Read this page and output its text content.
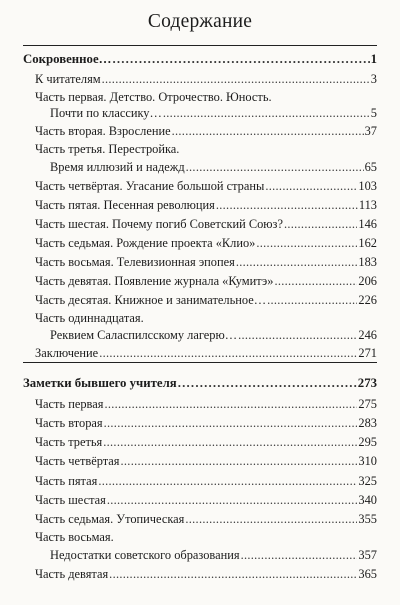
Содержание
Сокровенное… . . .	1
К читателям . . .	3
Часть первая. Детство. Отрочество. Юность.
Почти по классику… . . .	5
Часть вторая. Взросление . . .	37
Часть третья. Перестройка.
Время иллюзий и надежд . . .	65
Часть четвёртая. Угасание большой страны . . .	103
Часть пятая. Песенная революция . . .	113
Часть шестая. Почему погиб Советский Союз? . . .	146
Часть седьмая. Рождение проекта «Клио» . . .	162
Часть восьмая. Телевизионная эпопея . . .	183
Часть девятая. Появление журнала «Кумитэ» . . .	206
Часть десятая. Книжное и занимательное… . . .	226
Часть одиннадцатая.
Реквием Саласпилсскому лагерю… . . .	246
Заключение . . .	271
Заметки бывшего учителя . . .	273
Часть первая . . .	275
Часть вторая . . .	283
Часть третья . . .	295
Часть четвёртая . . .	310
Часть пятая . . .	325
Часть шестая . . .	340
Часть седьмая. Утопическая . . .	355
Часть восьмая.
Недостатки советского образования . . .	357
Часть девятая . . .	365
